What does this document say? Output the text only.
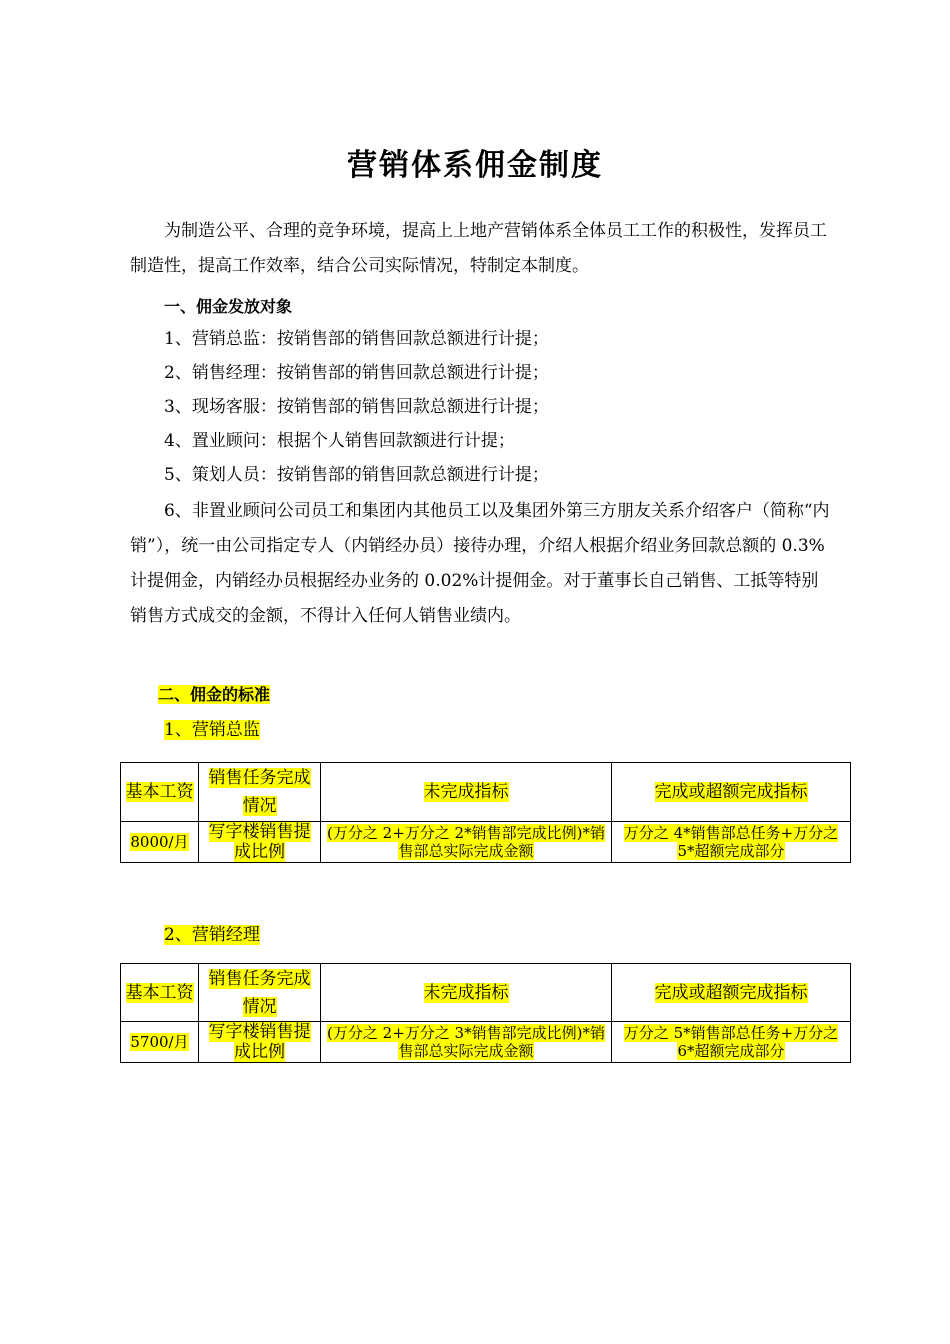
营销体系佣金制度

为制造公平、合理的竞争环境，提高上上地产营销体系全体员工工作的积极性，发挥员工制造性，提高工作效率，结合公司实际情况，特制定本制度。

一、佣金发放对象

1、营销总监：按销售部的销售回款总额进行计提；

2、销售经理：按销售部的销售回款总额进行计提；

3、现场客服：按销售部的销售回款总额进行计提；

4、置业顾问：根据个人销售回款额进行计提；

5、策划人员：按销售部的销售回款总额进行计提；

6、非置业顾问公司员工和集团内其他员工以及集团外第三方朋友关系介绍客户（简称“内销”），统一由公司指定专人（内销经办员）接待办理，介绍人根据介绍业务回款总额的 0.3%计提佣金，内销经办员根据经办业务的 0.02%计提佣金。对于董事长自己销售、工抵等特别销售方式成交的金额，不得计入任何人销售业绩内。

二、佣金的标准
1、营销总监
基本工资	销售任务完成情况	未完成指标	完成或超额完成指标
8000/月	写字楼销售提成比例	(万分之 2+万分之 2*销售部完成比例)*销售部总实际完成金额	万分之 4*销售部总任务+万分之 5*超额完成部分
2、营销经理
基本工资	销售任务完成情况	未完成指标	完成或超额完成指标
5700/月	写字楼销售提成比例	(万分之 2+万分之 3*销售部完成比例)*销售部总实际完成金额	万分之 5*销售部总任务+万分之 6*超额完成部分
